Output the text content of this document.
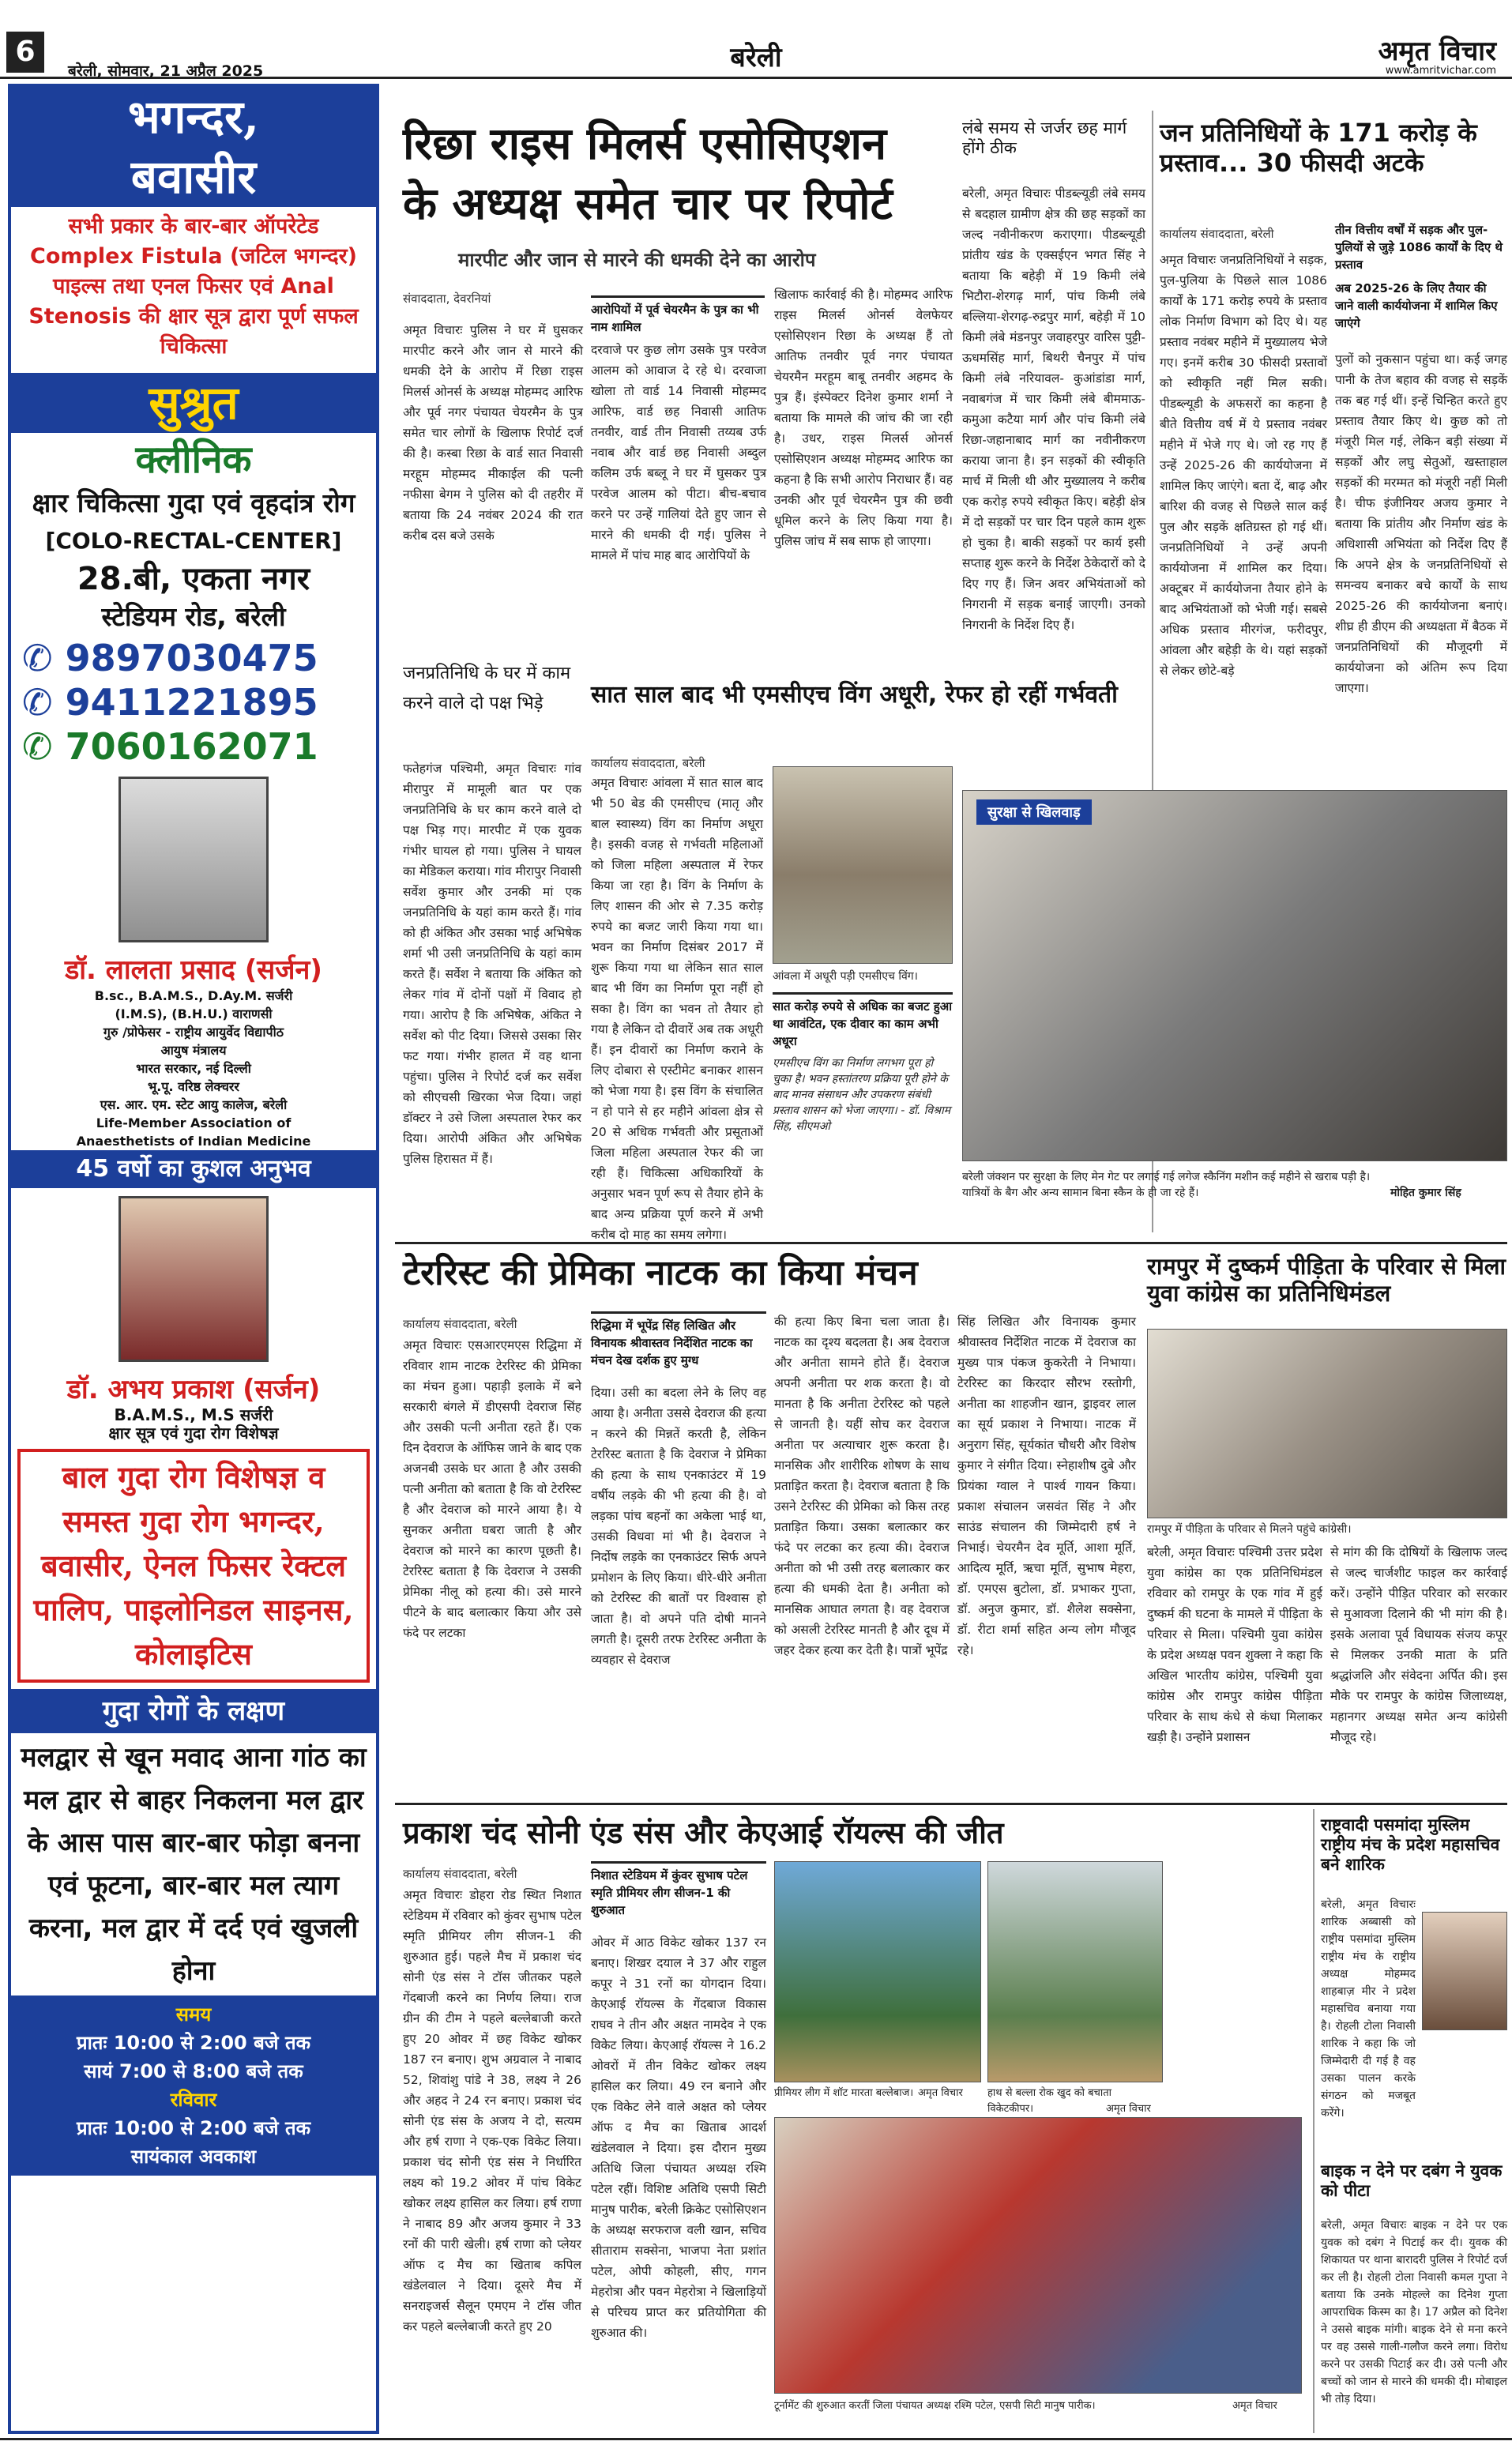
6
बरेली, सोमवार, 21 अप्रैल 2025	बरेली	अमृत विचार
www.amritvichar.com
भगन्दर,
बवासीर
सभी प्रकार के बार-बार ऑपरेटेड Complex Fistula (जटिल भगन्दर) पाइल्स तथा एनल फिसर एवं Anal Stenosis की क्षार सूत्र द्वारा पूर्ण सफल चिकित्सा
सुश्रुत
क्लीनिक
क्षार चिकित्सा गुदा एवं वृहदांत्र रोग
[COLO-RECTAL-CENTER]
28.बी, एकता नगर
स्टेडियम रोड, बरेली
✆ 9897030475
✆ 9411221895
✆ 7060162071
डॉ. लालता प्रसाद (सर्जन)
B.sc., B.A.M.S., D.Ay.M. सर्जरी
(I.M.S), (B.H.U.) वाराणसी
गुरु /प्रोफेसर - राष्ट्रीय आयुर्वेद विद्यापीठ
आयुष मंत्रालय
भारत सरकार, नई दिल्ली
भू.पू. वरिष्ठ लेक्चरर
एस. आर. एम. स्टेट आयु कालेज, बरेली
Life-Member Association of
Anaesthetists of Indian Medicine
45 वर्षो का कुशल अनुभव
डॉ. अभय प्रकाश (सर्जन)
B.A.M.S., M.S सर्जरी
क्षार सूत्र एवं गुदा रोग विशेषज्ञ
बाल गुदा रोग विशेषज्ञ व समस्त गुदा रोग भगन्दर, बवासीर, ऐनल फिसर रेक्टल पालिप, पाइलोनिडल साइनस, कोलाइटिस
गुदा रोगों के लक्षण
मलद्वार से खून मवाद आना गांठ का मल द्वार से बाहर निकलना मल द्वार के आस पास बार-बार फोड़ा बनना एवं फूटना, बार-बार मल त्याग करना, मल द्वार में दर्द एवं खुजली होना
समय
प्रातः 10:00 से 2:00 बजे तक
सायं 7:00 से 8:00 बजे तक
रविवार
प्रातः 10:00 से 2:00 बजे तक
सायंकाल अवकाश
रिछा राइस मिलर्स एसोसिएशन
के अध्यक्ष समेत चार पर रिपोर्ट
मारपीट और जान से मारने की धमकी देने का आरोप
संवाददाता, देवरनियां
आरोपियों में पूर्व चेयरमैन के पुत्र का भी नाम शामिल
अमृत विचारः पुलिस ने घर में घुसकर मारपीट करने और जान से मारने की धमकी देने के आरोप में रिछा राइस मिलर्स ओनर्स के अध्यक्ष मोहम्मद आरिफ और पूर्व नगर पंचायत चेयरमैन के पुत्र समेत चार लोगों के खिलाफ रिपोर्ट दर्ज की है। कस्बा रिछा के वार्ड सात निवासी मरहूम मोहम्मद मीकाईल की पत्नी नफीसा बेगम ने पुलिस को दी तहरीर में बताया कि 24 नवंबर 2024 की रात करीब दस बजे उसके
दरवाजे पर कुछ लोग उसके पुत्र परवेज आलम को आवाज दे रहे थे। दरवाजा खोला तो वार्ड 14 निवासी मोहम्मद आरिफ, वार्ड छह निवासी आतिफ तनवीर, वार्ड तीन निवासी तय्यब उर्फ नवाब और वार्ड छह निवासी अब्दुल कलिम उर्फ बब्लू ने घर में घुसकर पुत्र परवेज आलम को पीटा। बीच-बचाव करने पर उन्हें गालियां देते हुए जान से मारने की धमकी दी गई। पुलिस ने मामले में पांच माह बाद आरोपियों के
खिलाफ कार्रवाई की है। मोहम्मद आरिफ राइस मिलर्स ओनर्स वेलफेयर एसोसिएशन रिछा के अध्यक्ष हैं तो आतिफ तनवीर पूर्व नगर पंचायत चेयरमैन मरहूम बाबू तनवीर अहमद के पुत्र हैं। इंस्पेक्टर दिनेश कुमार शर्मा ने बताया कि मामले की जांच की जा रही है। उधर, राइस मिलर्स ओनर्स एसोसिएशन अध्यक्ष मोहम्मद आरिफ का कहना है कि सभी आरोप निराधार हैं। वह उनकी और पूर्व चेयरमैन पुत्र की छवी धूमिल करने के लिए किया गया है। पुलिस जांच में सब साफ हो जाएगा।
लंबे समय से जर्जर छह मार्ग होंगे ठीक
बरेली, अमृत विचारः पीडब्ल्यूडी लंबे समय से बदहाल ग्रामीण क्षेत्र की छह सड़कों का जल्द नवीनीकरण कराएगा। पीडब्ल्यूडी प्रांतीय खंड के एक्सईएन भगत सिंह ने बताया कि बहेड़ी में 19 किमी लंबे भिटौरा-शेरगढ़ मार्ग, पांच किमी लंबे बल्लिया-शेरगढ़-रुद्रपुर मार्ग, बहेड़ी में 10 किमी लंबे मंडनपुर जवाहरपुर वारिस पुट्टी-ऊधमसिंह मार्ग, बिथरी चैनपुर में पांच किमी लंबे नरियावल- कुआंडांडा मार्ग, नवाबगंज में चार किमी लंबे बीममाऊ-कमुआ कटैया मार्ग और पांच किमी लंबे रिछा-जहानाबाद मार्ग का नवीनीकरण कराया जाना है। इन सड़कों की स्वीकृति मार्च में मिली थी और मुख्यालय ने करीब एक करोड़ रुपये स्वीकृत किए। बहेड़ी क्षेत्र में दो सड़कों पर चार दिन पहले काम शुरू हो चुका है। बाकी सड़कों पर कार्य इसी सप्ताह शुरू करने के निर्देश ठेकेदारों को दे दिए गए हैं। जिन अवर अभियंताओं को निगरानी में सड़क बनाई जाएगी। उनको निगरानी के निर्देश दिए हैं।
जन प्रतिनिधियों के 171 करोड़ के प्रस्ताव... 30 फीसदी अटके
कार्यालय संवाददाता, बरेली	तीन वित्तीय वर्षों में सड़क और पुल-पुलियों से जुड़े 1086 कार्यों के दिए थे प्रस्ताव
अब 2025-26 के लिए तैयार की जाने वाली कार्ययोजना में शामिल किए जाएंगे
अमृत विचारः जनप्रतिनिधियों ने सड़क, पुल-पुलिया के पिछले साल 1086 कार्यों के 171 करोड़ रुपये के प्रस्ताव लोक निर्माण विभाग को दिए थे। यह प्रस्ताव नवंबर महीने में मुख्यालय भेजे गए। इनमें करीब 30 फीसदी प्रस्तावों को स्वीकृति नहीं मिल सकी। पीडब्ल्यूडी के अफसरों का कहना है बीते वित्तीय वर्ष में ये प्रस्ताव नवंबर महीने में भेजे गए थे। जो रह गए हैं उन्हें 2025-26 की कार्ययोजना में शामिल किए जाएंगे। बता दें, बाढ़ और बारिश की वजह से पिछले साल कई पुल और सड़कें क्षतिग्रस्त हो गई थीं। जनप्रतिनिधियों ने उन्हें अपनी कार्ययोजना में शामिल कर दिया। अक्टूबर में कार्ययोजना तैयार होने के बाद अभियंताओं को भेजी गई। सबसे अधिक प्रस्ताव मीरगंज, फरीदपुर, आंवला और बहेड़ी के थे। यहां सड़कों से लेकर छोटे-बड़े
पुलों को नुकसान पहुंचा था। कई जगह पानी के तेज बहाव की वजह से सड़कें तक बह गई थीं। इन्हें चिन्हित करते हुए प्रस्ताव तैयार किए थे। कुछ को तो मंजूरी मिल गई, लेकिन बड़ी संख्या में सड़कों और लघु सेतुओं, खस्ताहाल सड़कों की मरम्मत को मंजूरी नहीं मिली है। चीफ इंजीनियर अजय कुमार ने बताया कि प्रांतीय और निर्माण खंड के अधिशासी अभियंता को निर्देश दिए हैं कि अपने क्षेत्र के जनप्रतिनिधियों से समन्वय बनाकर बचे कार्यों के साथ 2025-26 की कार्ययोजना बनाएं। शीघ्र ही डीएम की अध्यक्षता में बैठक में जनप्रतिनिधियों की मौजूदगी में कार्ययोजना को अंतिम रूप दिया जाएगा।
जनप्रतिनिधि के घर में काम करने वाले दो पक्ष भिड़े
फतेहगंज पश्चिमी, अमृत विचारः गांव मीरापुर में मामूली बात पर एक जनप्रतिनिधि के घर काम करने वाले दो पक्ष भिड़ गए। मारपीट में एक युवक गंभीर घायल हो गया। पुलिस ने घायल का मेडिकल कराया। गांव मीरापुर निवासी सर्वेश कुमार और उनकी मां एक जनप्रतिनिधि के यहां काम करते हैं। गांव को ही अंकित और उसका भाई अभिषेक शर्मा भी उसी जनप्रतिनिधि के यहां काम करते हैं। सर्वेश ने बताया कि अंकित को लेकर गांव में दोनों पक्षों में विवाद हो गया। आरोप है कि अभिषेक, अंकित ने सर्वेश को पीट दिया। जिससे उसका सिर फट गया। गंभीर हालत में वह थाना पहुंचा। पुलिस ने रिपोर्ट दर्ज कर सर्वेश को सीएचसी खिरका भेज दिया। जहां डॉक्टर ने उसे जिला अस्पताल रेफर कर दिया। आरोपी अंकित और अभिषेक पुलिस हिरासत में हैं।
सात साल बाद भी एमसीएच विंग अधूरी, रेफर हो रहीं गर्भवती
कार्यालय संवाददाता, बरेली
अमृत विचारः आंवला में सात साल बाद भी 50 बेड की एमसीएच (मातृ और बाल स्वास्थ्य) विंग का निर्माण अधूरा है। इसकी वजह से गर्भवती महिलाओं को जिला महिला अस्पताल में रेफर किया जा रहा है। विंग के निर्माण के लिए शासन की ओर से 7.35 करोड़ रुपये का बजट जारी किया गया था। भवन का निर्माण दिसंबर 2017 में शुरू किया गया था लेकिन सात साल बाद भी विंग का निर्माण पूरा नहीं हो सका है। विंग का भवन तो तैयार हो गया है लेकिन दो दीवारें अब तक अधूरी हैं। इन दीवारों का निर्माण कराने के लिए दोबारा से एस्टीमेट बनाकर शासन को भेजा गया है। इस विंग के संचालित न हो पाने से हर महीने आंवला क्षेत्र से 20 से अधिक गर्भवती और प्रसूताओं जिला महिला अस्पताल रेफर की जा रही हैं। चिकित्सा अधिकारियों के अनुसार भवन पूर्ण रूप से तैयार होने के बाद अन्य प्रक्रिया पूर्ण करने में अभी करीब दो माह का समय लगेगा।
आंवला में अधूरी पड़ी एमसीएच विंग।
सात करोड़ रुपये से अधिक का बजट हुआ था आवंटित, एक दीवार का काम अभी अधूरा
एमसीएच विंग का निर्माण लगभग पूरा हो चुका है। भवन हस्तांतरण प्रक्रिया पूरी होने के बाद मानव संसाधन और उपकरण संबंधी प्रस्ताव शासन को भेजा जाएगा। - डॉ. विश्राम सिंह, सीएमओ
सुरक्षा से खिलवाड़
बरेली जंक्शन पर सुरक्षा के लिए मेन गेट पर लगाई गई लगेज स्कैनिंग मशीन कई महीने से खराब पड़ी है। यात्रियों के बैग और अन्य सामान बिना स्कैन के ही जा रहे हैं।	मोहित कुमार सिंह
टेररिस्ट की प्रेमिका नाटक का किया मंचन
कार्यालय संवाददाता, बरेली	रिद्धिमा में भूपेंद्र सिंह लिखित और विनायक श्रीवास्तव निर्देशित नाटक का मंचन देख दर्शक हुए मुग्ध
अमृत विचारः एसआरएमएस रिद्धिमा में रविवार शाम नाटक टेररिस्ट की प्रेमिका का मंचन हुआ। पहाड़ी इलाके में बने सरकारी बंगले में डीएसपी देवराज सिंह और उसकी पत्नी अनीता रहते हैं। एक दिन देवराज के ऑफिस जाने के बाद एक अजनबी उसके घर आता है और उसकी पत्नी अनीता को बताता है कि वो टेररिस्ट है और देवराज को मारने आया है। ये सुनकर अनीता घबरा जाती है और देवराज को मारने का कारण पूछती है। टेररिस्ट बताता है कि देवराज ने उसकी प्रेमिका नीलू को हत्या की। उसे मारने पीटने के बाद बलात्कार किया और उसे फंदे पर लटका
दिया। उसी का बदला लेने के लिए वह आया है। अनीता उससे देवराज की हत्या न करने की मिन्नतें करती है, लेकिन टेररिस्ट बताता है कि देवराज ने प्रेमिका की हत्या के साथ एनकाउंटर में 19 वर्षीय लड़के की भी हत्या की है। वो लड़का पांच बहनों का अकेला भाई था, उसकी विधवा मां भी है। देवराज ने निर्दोष लड़के का एनकाउंटर सिर्फ अपने प्रमोशन के लिए किया। धीरे-धीरे अनीता को टेररिस्ट की बातों पर विश्वास हो जाता है। वो अपने पति दोषी मानने लगती है। दूसरी तरफ टेररिस्ट अनीता के व्यवहार से देवराज
की हत्या किए बिना चला जाता है। नाटक का दृश्य बदलता है। अब देवराज और अनीता सामने होते हैं। देवराज अपनी अनीता पर शक करता है। वो मानता है कि अनीता टेररिस्ट को पहले से जानती है। यहीं सोच कर देवराज अनीता पर अत्याचार शुरू करता है। मानसिक और शारीरिक शोषण के साथ प्रताड़ित करता है। देवराज बताता है कि उसने टेररिस्ट की प्रेमिका को किस तरह प्रताड़ित किया। उसका बलात्कार कर फंदे पर लटका कर हत्या की। देवराज अनीता को भी उसी तरह बलात्कार कर हत्या की धमकी देता है। अनीता को मानसिक आघात लगता है। वह देवराज को असली टेररिस्ट मानती है और दूध में जहर देकर हत्या कर देती है। पात्रों भूपेंद्र
सिंह लिखित और विनायक कुमार श्रीवास्तव निर्देशित नाटक में देवराज का मुख्य पात्र पंकज कुकरेती ने निभाया। टेररिस्ट का किरदार सौरभ रस्तोगी, अनीता का शाहजीन खान, ड्राइवर लाल का सूर्य प्रकाश ने निभाया। नाटक में अनुराग सिंह, सूर्यकांत चौधरी और विशेष कुमार ने संगीत दिया। स्नेहाशीष दुबे और प्रियंका ग्वाल ने पार्श्व गायन किया। प्रकाश संचालन जसवंत सिंह ने और साउंड संचालन की जिम्मेदारी हर्ष ने निभाई। चेयरमैन देव मूर्ति, आशा मूर्ति, आदित्य मूर्ति, ऋचा मूर्ति, सुभाष मेहरा, डॉ. एमएस बुटोला, डॉ. प्रभाकर गुप्ता, डॉ. अनुज कुमार, डॉ. शैलेश सक्सेना, डॉ. रीटा शर्मा सहित अन्य लोग मौजूद रहे।
रामपुर में दुष्कर्म पीड़िता के परिवार से मिला युवा कांग्रेस का प्रतिनिधिमंडल
रामपुर में पीड़िता के परिवार से मिलने पहुंचे कांग्रेसी।
बरेली, अमृत विचारः पश्चिमी उत्तर प्रदेश युवा कांग्रेस का एक प्रतिनिधिमंडल रविवार को रामपुर के एक गांव में हुई दुष्कर्म की घटना के मामले में पीड़िता के परिवार से मिला। पश्चिमी युवा कांग्रेस के प्रदेश अध्यक्ष पवन शुक्ला ने कहा कि अखिल भारतीय कांग्रेस, पश्चिमी युवा कांग्रेस और रामपुर कांग्रेस पीड़िता परिवार के साथ कंधे से कंधा मिलाकर खड़ी है। उन्होंने प्रशासन
से मांग की कि दोषियों के खिलाफ जल्द से जल्द चार्जशीट फाइल कर कार्रवाई करें। उन्होंने पीड़ित परिवार को सरकार से मुआवजा दिलाने की भी मांग की है। इसके अलावा पूर्व विधायक संजय कपूर से मिलकर उनकी माता के प्रति श्रद्धांजलि और संवेदना अर्पित की। इस मौके पर रामपुर के कांग्रेस जिलाध्यक्ष, महानगर अध्यक्ष समेत अन्य कांग्रेसी मौजूद रहे।
प्रकाश चंद सोनी एंड संस और केएआई रॉयल्स की जीत
कार्यालय संवाददाता, बरेली	निशात स्टेडियम में कुंवर सुभाष पटेल स्मृति प्रीमियर लीग सीजन-1 की शुरुआत
अमृत विचारः डोहरा रोड स्थित निशात स्टेडियम में रविवार को कुंवर सुभाष पटेल स्मृति प्रीमियर लीग सीजन-1 की शुरुआत हुई। पहले मैच में प्रकाश चंद सोनी एंड संस ने टॉस जीतकर पहले गेंदबाजी करने का निर्णय लिया। राज ग्रीन की टीम ने पहले बल्लेबाजी करते हुए 20 ओवर में छह विकेट खोकर 187 रन बनाए। शुभ अग्रवाल ने नाबाद 52, शिवांशु पांडे ने 38, लक्ष्य ने 26 और अहद ने 24 रन बनाए। प्रकाश चंद सोनी एंड संस के अजय ने दो, सत्यम और हर्ष राणा ने एक-एक विकेट लिया। प्रकाश चंद सोनी एंड संस ने निर्धारित लक्ष्य को 19.2 ओवर में पांच विकेट खोकर लक्ष्य हासिल कर लिया। हर्ष राणा ने नाबाद 89 और अजय कुमार ने 33 रनों की पारी खेली। हर्ष राणा को प्लेयर ऑफ द मैच का खिताब कपिल खंडेलवाल ने दिया। दूसरे मैच में सनराइजर्स सैलून एमएम ने टॉस जीत कर पहले बल्लेबाजी करते हुए 20
ओवर में आठ विकेट खोकर 137 रन बनाए। शिखर दयाल ने 37 और राहुल कपूर ने 31 रनों का योगदान दिया। केएआई रॉयल्स के गेंदबाज विकास राघव ने तीन और अक्षत नामदेव ने एक विकेट लिया। केएआई रॉयल्स ने 16.2 ओवरों में तीन विकेट खोकर लक्ष्य हासिल कर लिया। 49 रन बनाने और एक विकेट लेने वाले अक्षत को प्लेयर ऑफ द मैच का खिताब आदर्श खंडेलवाल ने दिया। इस दौरान मुख्य अतिथि जिला पंचायत अध्यक्ष रश्मि पटेल रहीं। विशिष्ट अतिथि एसपी सिटी मानुष पारीक, बरेली क्रिकेट एसोसिएशन के अध्यक्ष सरफराज वली खान, सचिव सीताराम सक्सेना, भाजपा नेता प्रशांत पटेल, ओपी कोहली, सीए, गगन मेहरोत्रा और पवन मेहरोत्रा ने खिलाड़ियों से परिचय प्राप्त कर प्रतियोगिता की शुरुआत की।
प्रीमियर लीग में शॉट मारता बल्लेबाज। अमृत विचार हाथ से बल्ला रोक खुद को बचाता विकेटकीपर।	अमृत विचार
टूर्नामेंट की शुरुआत करतीं जिला पंचायत अध्यक्ष रश्मि पटेल, एसपी सिटी मानुष पारीक।	अमृत विचार
राष्ट्रवादी पसमांदा मुस्लिम राष्ट्रीय मंच के प्रदेश महासचिव बने शारिक
बरेली, अमृत विचारः शारिक अब्बासी को राष्ट्रीय पसमांदा मुस्लिम राष्ट्रीय मंच के राष्ट्रीय अध्यक्ष मोहम्मद शाहबाज़ मीर ने प्रदेश महासचिव बनाया गया है। रोहली टोला निवासी शारिक ने कहा कि जो जिम्मेदारी दी गई है वह उसका पालन करके संगठन को मजबूत करेंगे।
बाइक न देने पर दबंग ने युवक को पीटा
बरेली, अमृत विचारः बाइक न देने पर एक युवक को दबंग ने पिटाई कर दी। युवक की शिकायत पर थाना बारादरी पुलिस ने रिपोर्ट दर्ज कर ली है। रोहली टोला निवासी कमल गुप्ता ने बताया कि उनके मोहल्ले का दिनेश गुप्ता आपराधिक किस्म का है। 17 अप्रैल को दिनेश ने उससे बाइक मांगी। बाइक देने से मना करने पर वह उससे गाली-गलौज करने लगा। विरोध करने पर उसकी पिटाई कर दी। उसे पत्नी और बच्चों को जान से मारने की धमकी दी। मोबाइल भी तोड़ दिया।
